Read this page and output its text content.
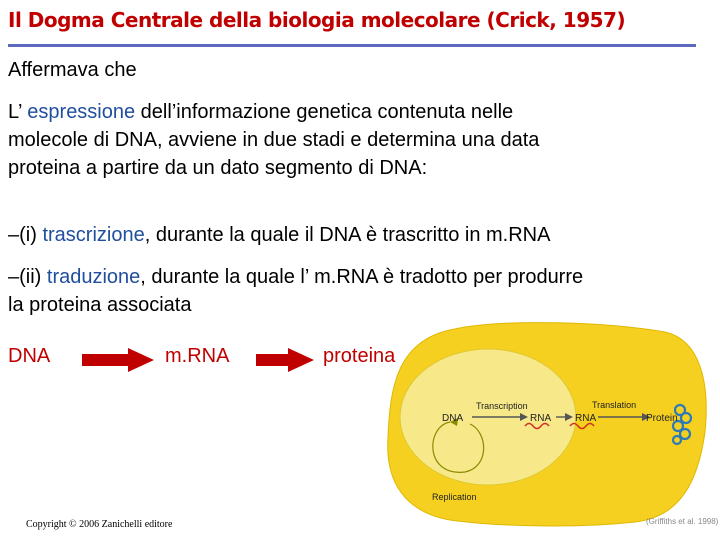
Il Dogma Centrale della biologia molecolare (Crick, 1957)
Affermava che
L’ espressione dell’informazione genetica contenuta nelle
molecole di DNA, avviene in due stadi e determina una data
proteina a partire da un dato segmento di DNA:
–(i) trascrizione, durante la quale il DNA è trascritto in m.RNA
–(ii) traduzione, durante la quale l’ m.RNA è tradotto per produrre
la proteina associata
DNA
Transcription
RNA RNA
Translation
Protein
Replication
DNA	m.RNA	proteina
Copyright © 2006 Zanichelli editore	(Griffiths et al. 1998)
